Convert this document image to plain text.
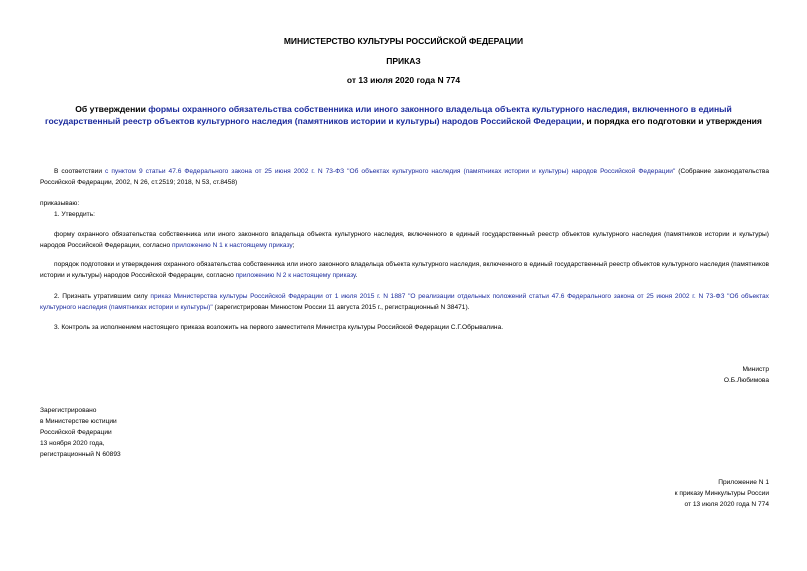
МИНИСТЕРСТВО КУЛЬТУРЫ РОССИЙСКОЙ ФЕДЕРАЦИИ
ПРИКАЗ
от 13 июля 2020 года N 774
Об утверждении формы охранного обязательства собственника или иного законного владельца объекта культурного наследия, включенного в единый государственный реестр объектов культурного наследия (памятников истории и культуры) народов Российской Федерации, и порядка его подготовки и утверждения
В соответствии с пунктом 9 статьи 47.6 Федерального закона от 25 июня 2002 г. N 73-ФЗ "Об объектах культурного наследия (памятниках истории и культуры) народов Российской Федерации" (Собрание законодательства Российской Федерации, 2002, N 26, ст.2519; 2018, N 53, ст.8458)
приказываю:
1. Утвердить:
форму охранного обязательства собственника или иного законного владельца объекта культурного наследия, включенного в единый государственный реестр объектов культурного наследия (памятников истории и культуры) народов Российской Федерации, согласно приложению N 1 к настоящему приказу;
порядок подготовки и утверждения охранного обязательства собственника или иного законного владельца объекта культурного наследия, включенного в единый государственный реестр объектов культурного наследия (памятников истории и культуры) народов Российской Федерации, согласно приложению N 2 к настоящему приказу.
2. Признать утратившим силу приказ Министерства культуры Российской Федерации от 1 июля 2015 г. N 1887 "О реализации отдельных положений статьи 47.6 Федерального закона от 25 июня 2002 г. N 73-ФЗ "Об объектах культурного наследия (памятниках истории и культуры)" (зарегистрирован Минюстом России 11 августа 2015 г., регистрационный N 38471).
3. Контроль за исполнением настоящего приказа возложить на первого заместителя Министра культуры Российской Федерации С.Г.Обрывалина.
Министр
О.Б.Любимова
Зарегистрировано
в Министерстве юстиции
Российской Федерации
13 ноября 2020 года,
регистрационный N 60893
Приложение N 1
к приказу Минкультуры России
от 13 июля 2020 года N 774
